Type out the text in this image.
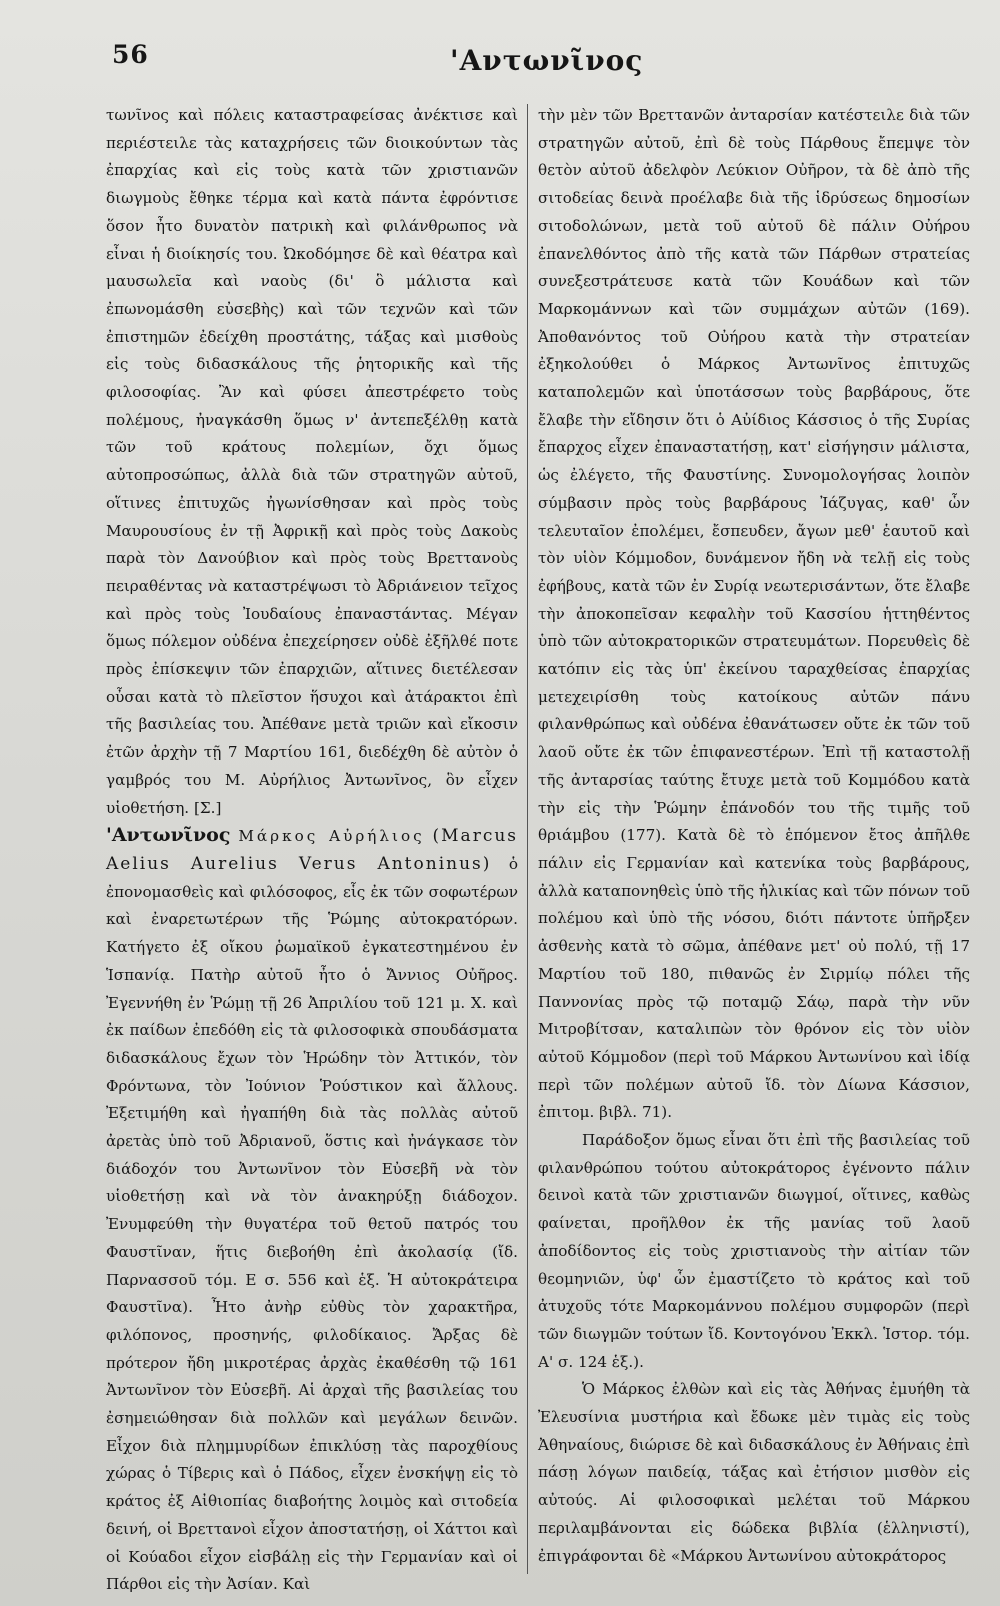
56	'Αντωνῖνος

τωνῖνος καὶ πόλεις καταστραφείσας ἀνέκτισε καὶ περιέστειλε τὰς καταχρήσεις τῶν διοικούντων τὰς ἐπαρχίας καὶ εἰς τοὺς κατὰ τῶν χριστιανῶν διωγμοὺς ἔθηκε τέρμα καὶ κατὰ πάντα ἐφρόντισε ὅσον ἦτο δυνατὸν πατρικὴ καὶ φιλάνθρωπος νὰ εἶναι ἡ διοίκησίς του. Ὠκοδόμησε δὲ καὶ θέατρα καὶ μαυσωλεῖα καὶ ναοὺς (δι' ὃ μάλιστα καὶ ἐπωνομάσθη εὐσεβὴς) καὶ τῶν τεχνῶν καὶ τῶν ἐπιστημῶν ἐδείχθη προστάτης, τάξας καὶ μισθοὺς εἰς τοὺς διδασκάλους τῆς ῥητορικῆς καὶ τῆς φιλοσοφίας. Ἂν καὶ φύσει ἀπεστρέφετο τοὺς πολέμους, ἠναγκάσθη ὅμως ν' ἀντεπεξέλθῃ κατὰ τῶν τοῦ κράτους πολεμίων, ὄχι ὅμως αὐτοπροσώπως, ἀλλὰ διὰ τῶν στρατηγῶν αὐτοῦ, οἵτινες ἐπιτυχῶς ἠγωνίσθησαν καὶ πρὸς τοὺς Μαυρουσίους ἐν τῇ Ἀφρικῇ καὶ πρὸς τοὺς Δακοὺς παρὰ τὸν Δανούβιον καὶ πρὸς τοὺς Βρεττανοὺς πειραθέντας νὰ καταστρέψωσι τὸ Ἀδριάνειον τεῖχος καὶ πρὸς τοὺς Ἰουδαίους ἐπαναστάντας. Μέγαν ὅμως πόλεμον οὐδένα ἐπεχείρησεν οὐδὲ ἐξῆλθέ ποτε πρὸς ἐπίσκεψιν τῶν ἐπαρχιῶν, αἵτινες διετέλεσαν οὖσαι κατὰ τὸ πλεῖστον ἥσυχοι καὶ ἀτάρακτοι ἐπὶ τῆς βασιλείας του. Ἀπέθανε μετὰ τριῶν καὶ εἴκοσιν ἐτῶν ἀρχὴν τῇ 7 Μαρτίου 161, διεδέχθη δὲ αὐτὸν ὁ γαμβρός του Μ. Αὐρήλιος Ἀντωνῖνος, ὃν εἶχεν υἱοθετήση. [Σ.]

'Αντωνῖνος Μάρκος Αὐρήλιος (Marcus Aelius Aurelius Verus Antoninus) ὁ ἐπονομασθεὶς καὶ φιλόσοφος, εἷς ἐκ τῶν σοφωτέρων καὶ ἐναρετωτέρων τῆς Ῥώμης αὐτοκρατόρων. Κατήγετο ἐξ οἴκου ῥωμαϊκοῦ ἐγκατεστημένου ἐν Ἱσπανίᾳ. Πατὴρ αὐτοῦ ἦτο ὁ Ἄννιος Οὐῆρος. Ἐγεννήθη ἐν Ῥώμῃ τῇ 26 Ἀπριλίου τοῦ 121 μ. Χ. καὶ ἐκ παίδων ἐπεδόθη εἰς τὰ φιλοσοφικὰ σπουδάσματα διδασκάλους ἔχων τὸν Ἡρώδην τὸν Ἀττικόν, τὸν Φρόντωνα, τὸν Ἰούνιον Ῥούστικον καὶ ἄλλους. Ἐξετιμήθη καὶ ἠγαπήθη διὰ τὰς πολλὰς αὐτοῦ ἀρετὰς ὑπὸ τοῦ Ἀδριανοῦ, ὅστις καὶ ἠνάγκασε τὸν διάδοχόν του Ἀντωνῖνον τὸν Εὐσεβῆ νὰ τὸν υἱοθετήσῃ καὶ νὰ τὸν ἀνακηρύξῃ διάδοχον. Ἐνυμφεύθη τὴν θυγατέρα τοῦ θετοῦ πατρός του Φαυστῖναν, ἥτις διεβοήθη ἐπὶ ἀκολασίᾳ (ἴδ. Παρνασσοῦ τόμ. Ε σ. 556 καὶ ἑξ. Ἡ αὐτοκράτειρα Φαυστῖνα). Ἦτο ἀνὴρ εὐθὺς τὸν χαρακτῆρα, φιλόπονος, προσηνής, φιλοδίκαιος. Ἄρξας δὲ πρότερον ἤδη μικροτέρας ἀρχὰς ἐκαθέσθη τῷ 161 Ἀντωνῖνον τὸν Εὐσεβῆ. Αἱ ἀρχαὶ τῆς βασιλείας του ἐσημειώθησαν διὰ πολλῶν καὶ μεγάλων δεινῶν. Εἶχον διὰ πλημμυρίδων ἐπικλύσῃ τὰς παροχθίους χώρας ὁ Τίβερις καὶ ὁ Πάδος, εἶχεν ἐνσκήψῃ εἰς τὸ κράτος ἐξ Αἰθιοπίας διαβοήτης λοιμὸς καὶ σιτοδεία δεινή, οἱ Βρεττανοὶ εἶχον ἀποστατήσῃ, οἱ Χάττοι καὶ οἱ Κούαδοι εἶχον εἰσβάλῃ εἰς τὴν Γερμανίαν καὶ οἱ Πάρθοι εἰς τὴν Ἀσίαν. Καὶ

τὴν μὲν τῶν Βρεττανῶν ἀνταρσίαν κατέστειλε διὰ τῶν στρατηγῶν αὐτοῦ, ἐπὶ δὲ τοὺς Πάρθους ἔπεμψε τὸν θετὸν αὐτοῦ ἀδελφὸν Λεύκιον Οὐῆρον, τὰ δὲ ἀπὸ τῆς σιτοδείας δεινὰ προέλαβε διὰ τῆς ἱδρύσεως δημοσίων σιτοδολώνων, μετὰ τοῦ αὐτοῦ δὲ πάλιν Οὐήρου ἐπανελθόντος ἀπὸ τῆς κατὰ τῶν Πάρθων στρατείας συνεξεστράτευσε κατὰ τῶν Κουάδων καὶ τῶν Μαρκομάννων καὶ τῶν συμμάχων αὐτῶν (169). Ἀποθανόντος τοῦ Οὐήρου κατὰ τὴν στρατείαν ἐξηκολούθει ὁ Μάρκος Ἀντωνῖνος ἐπιτυχῶς καταπολεμῶν καὶ ὑποτάσσων τοὺς βαρβάρους, ὅτε ἔλαβε τὴν εἴδησιν ὅτι ὁ Αὐίδιος Κάσσιος ὁ τῆς Συρίας ἔπαρχος εἶχεν ἐπαναστατήσῃ, κατ' εἰσήγησιν μάλιστα, ὡς ἐλέγετο, τῆς Φαυστίνης. Συνομολογήσας λοιπὸν σύμβασιν πρὸς τοὺς βαρβάρους Ἰάζυγας, καθ' ὧν τελευταῖον ἐπολέμει, ἔσπευδεν, ἄγων μεθ' ἑαυτοῦ καὶ τὸν υἱὸν Κόμμοδον, δυνάμενον ἤδη νὰ τελῇ εἰς τοὺς ἐφήβους, κατὰ τῶν ἐν Συρίᾳ νεωτερισάντων, ὅτε ἔλαβε τὴν ἀποκοπεῖσαν κεφαλὴν τοῦ Κασσίου ἡττηθέντος ὑπὸ τῶν αὐτοκρατορικῶν στρατευμάτων. Πορευθεὶς δὲ κατόπιν εἰς τὰς ὑπ' ἐκείνου ταραχθείσας ἐπαρχίας μετεχειρίσθη τοὺς κατοίκους αὐτῶν πάνυ φιλανθρώπως καὶ οὐδένα ἐθανάτωσεν οὔτε ἐκ τῶν τοῦ λαοῦ οὔτε ἐκ τῶν ἐπιφανεστέρων. Ἐπὶ τῇ καταστολῇ τῆς ἀνταρσίας ταύτης ἔτυχε μετὰ τοῦ Κομμόδου κατὰ τὴν εἰς τὴν Ῥώμην ἐπάνοδόν του τῆς τιμῆς τοῦ θριάμβου (177). Κατὰ δὲ τὸ ἑπόμενον ἔτος ἀπῆλθε πάλιν εἰς Γερμανίαν καὶ κατενίκα τοὺς βαρβάρους, ἀλλὰ καταπονηθεὶς ὑπὸ τῆς ἡλικίας καὶ τῶν πόνων τοῦ πολέμου καὶ ὑπὸ τῆς νόσου, διότι πάντοτε ὑπῆρξεν ἀσθενὴς κατὰ τὸ σῶμα, ἀπέθανε μετ' οὐ πολύ, τῇ 17 Μαρτίου τοῦ 180, πιθανῶς ἐν Σιρμίῳ πόλει τῆς Παννονίας πρὸς τῷ ποταμῷ Σάῳ, παρὰ τὴν νῦν Μιτροβίτσαν, καταλιπὼν τὸν θρόνον εἰς τὸν υἱὸν αὐτοῦ Κόμμοδον (περὶ τοῦ Μάρκου Ἀντωνίνου καὶ ἰδίᾳ περὶ τῶν πολέμων αὐτοῦ ἴδ. τὸν Δίωνα Κάσσιον, ἐπιτομ. βιβλ. 71).

Παράδοξον ὅμως εἶναι ὅτι ἐπὶ τῆς βασιλείας τοῦ φιλανθρώπου τούτου αὐτοκράτορος ἐγένοντο πάλιν δεινοὶ κατὰ τῶν χριστιανῶν διωγμοί, οἵτινες, καθὼς φαίνεται, προῆλθον ἐκ τῆς μανίας τοῦ λαοῦ ἀποδίδοντος εἰς τοὺς χριστιανοὺς τὴν αἰτίαν τῶν θεομηνιῶν, ὑφ' ὧν ἐμαστίζετο τὸ κράτος καὶ τοῦ ἀτυχοῦς τότε Μαρκομάννου πολέμου συμφορῶν (περὶ τῶν διωγμῶν τούτων ἴδ. Κοντογόνου Ἐκκλ. Ἱστορ. τόμ. Α' σ. 124 ἑξ.).

Ὁ Μάρκος ἐλθὼν καὶ εἰς τὰς Ἀθήνας ἐμυήθη τὰ Ἐλευσίνια μυστήρια καὶ ἔδωκε μὲν τιμὰς εἰς τοὺς Ἀθηναίους, διώρισε δὲ καὶ διδασκάλους ἐν Ἀθήναις ἐπὶ πάσῃ λόγων παιδείᾳ, τάξας καὶ ἐτήσιον μισθὸν εἰς αὐτούς. Αἱ φιλοσοφικαὶ μελέται τοῦ Μάρκου περιλαμβάνονται εἰς δώδεκα βιβλία (ἑλληνιστί), ἐπιγράφονται δὲ «Μάρκου Ἀντωνίνου αὐτοκράτορος
